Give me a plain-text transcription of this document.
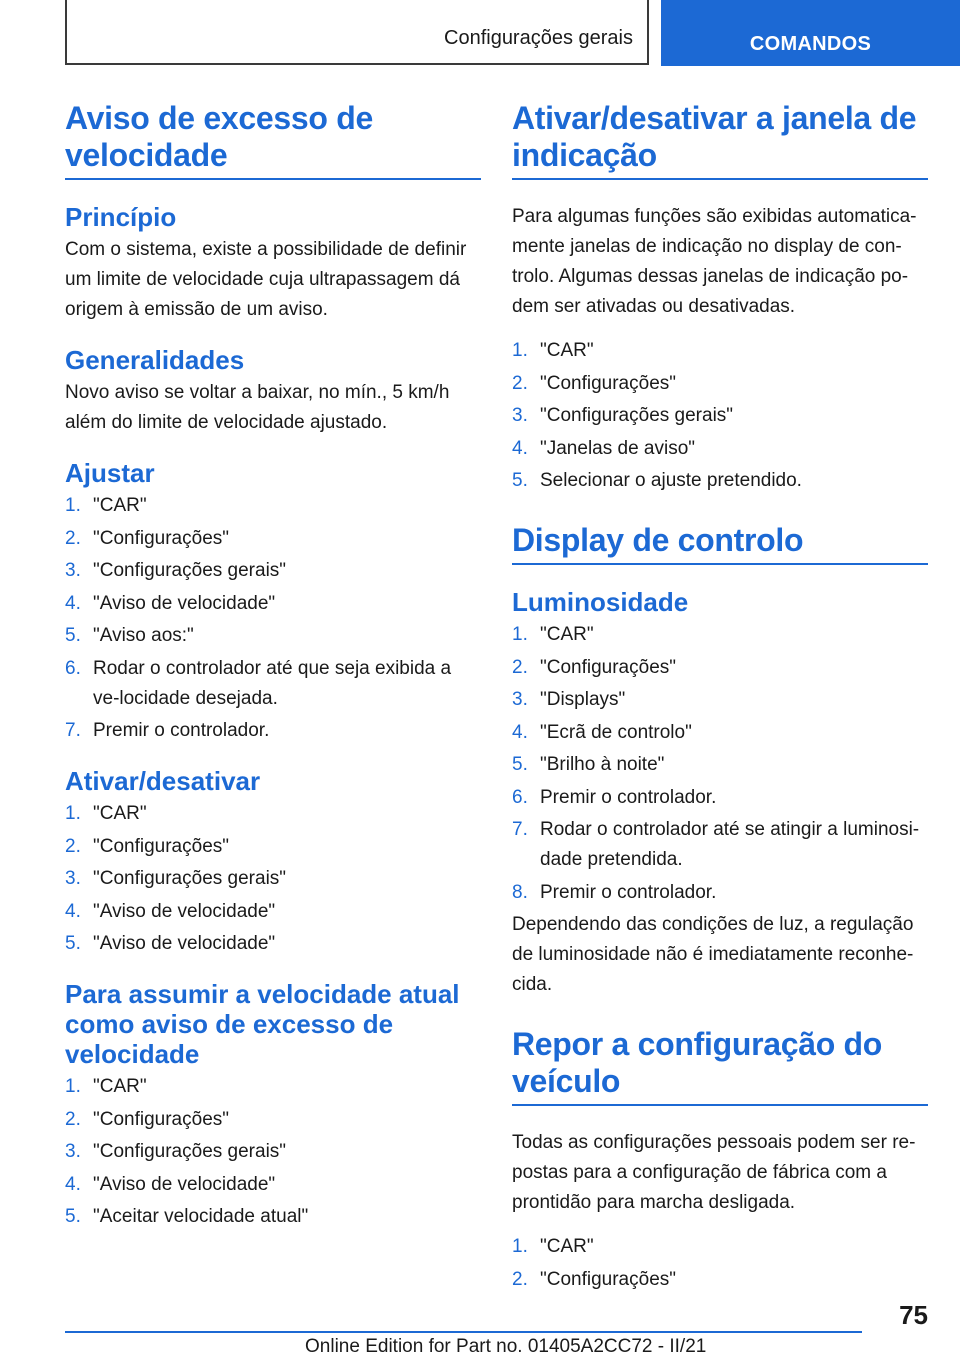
Configurações gerais	COMANDOS
Aviso de excesso de velocidade
Princípio

Com o sistema, existe a possibilidade de definir um limite de velocidade cuja ultrapassagem dá origem à emissão de um aviso.

Generalidades

Novo aviso se voltar a baixar, no mín., 5 km/h além do limite de velocidade ajustado.

Ajustar
1. "CAR"
2. "Configurações"
3. "Configurações gerais"
4. "Aviso de velocidade"
5. "Aviso aos:"
6. Rodar o controlador até que seja exibida a ve-locidade desejada.
7. Premir o controlador.
Ativar/desativar
1. "CAR"
2. "Configurações"
3. "Configurações gerais"
4. "Aviso de velocidade"
5. "Aviso de velocidade"
Para assumir a velocidade atual como aviso de excesso de velocidade
1. "CAR"
2. "Configurações"
3. "Configurações gerais"
4. "Aviso de velocidade"
5. "Aceitar velocidade atual"
Ativar/desativar a janela de indicação

Para algumas funções são exibidas automatica-mente janelas de indicação no display de con-trolo. Algumas dessas janelas de indicação po-dem ser ativadas ou desativadas.

1. "CAR"
2. "Configurações"
3. "Configurações gerais"
4. "Janelas de aviso"
5. Selecionar o ajuste pretendido.
Display de controlo
Luminosidade
1. "CAR"
2. "Configurações"
3. "Displays"
4. "Ecrã de controlo"
5. "Brilho à noite"
6. Premir o controlador.
7. Rodar o controlador até se atingir a luminosi-dade pretendida.
8. Premir o controlador.

Dependendo das condições de luz, a regulação de luminosidade não é imediatamente reconhe-cida.

Repor a configuração do veículo

Todas as configurações pessoais podem ser re-postas para a configuração de fábrica com a prontidão para marcha desligada.

1. "CAR"
2. "Configurações"
75
Online Edition for Part no. 01405A2CC72 - II/21
